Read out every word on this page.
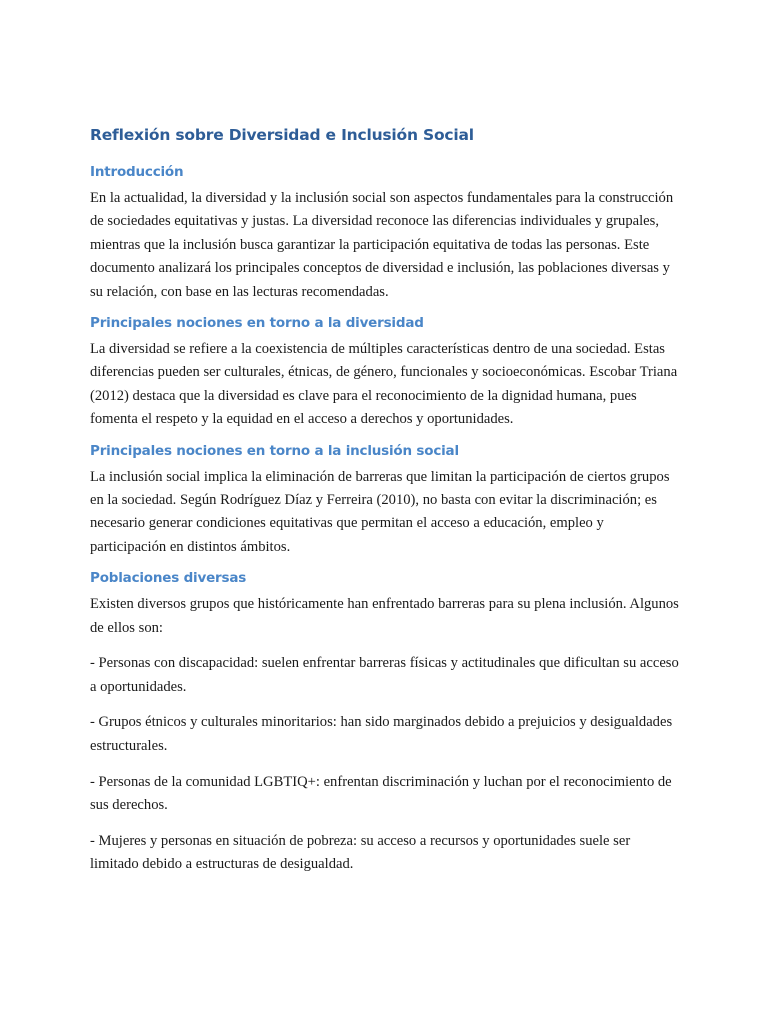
Reflexión sobre Diversidad e Inclusión Social
Introducción

En la actualidad, la diversidad y la inclusión social son aspectos fundamentales para la construcción de sociedades equitativas y justas. La diversidad reconoce las diferencias individuales y grupales, mientras que la inclusión busca garantizar la participación equitativa de todas las personas. Este documento analizará los principales conceptos de diversidad e inclusión, las poblaciones diversas y su relación, con base en las lecturas recomendadas.

Principales nociones en torno a la diversidad

La diversidad se refiere a la coexistencia de múltiples características dentro de una sociedad. Estas diferencias pueden ser culturales, étnicas, de género, funcionales y socioeconómicas. Escobar Triana (2012) destaca que la diversidad es clave para el reconocimiento de la dignidad humana, pues fomenta el respeto y la equidad en el acceso a derechos y oportunidades.

Principales nociones en torno a la inclusión social

La inclusión social implica la eliminación de barreras que limitan la participación de ciertos grupos en la sociedad. Según Rodríguez Díaz y Ferreira (2010), no basta con evitar la discriminación; es necesario generar condiciones equitativas que permitan el acceso a educación, empleo y participación en distintos ámbitos.

Poblaciones diversas

Existen diversos grupos que históricamente han enfrentado barreras para su plena inclusión. Algunos de ellos son:

- Personas con discapacidad: suelen enfrentar barreras físicas y actitudinales que dificultan su acceso a oportunidades.

- Grupos étnicos y culturales minoritarios: han sido marginados debido a prejuicios y desigualdades estructurales.

- Personas de la comunidad LGBTIQ+: enfrentan discriminación y luchan por el reconocimiento de sus derechos.

- Mujeres y personas en situación de pobreza: su acceso a recursos y oportunidades suele ser limitado debido a estructuras de desigualdad.
